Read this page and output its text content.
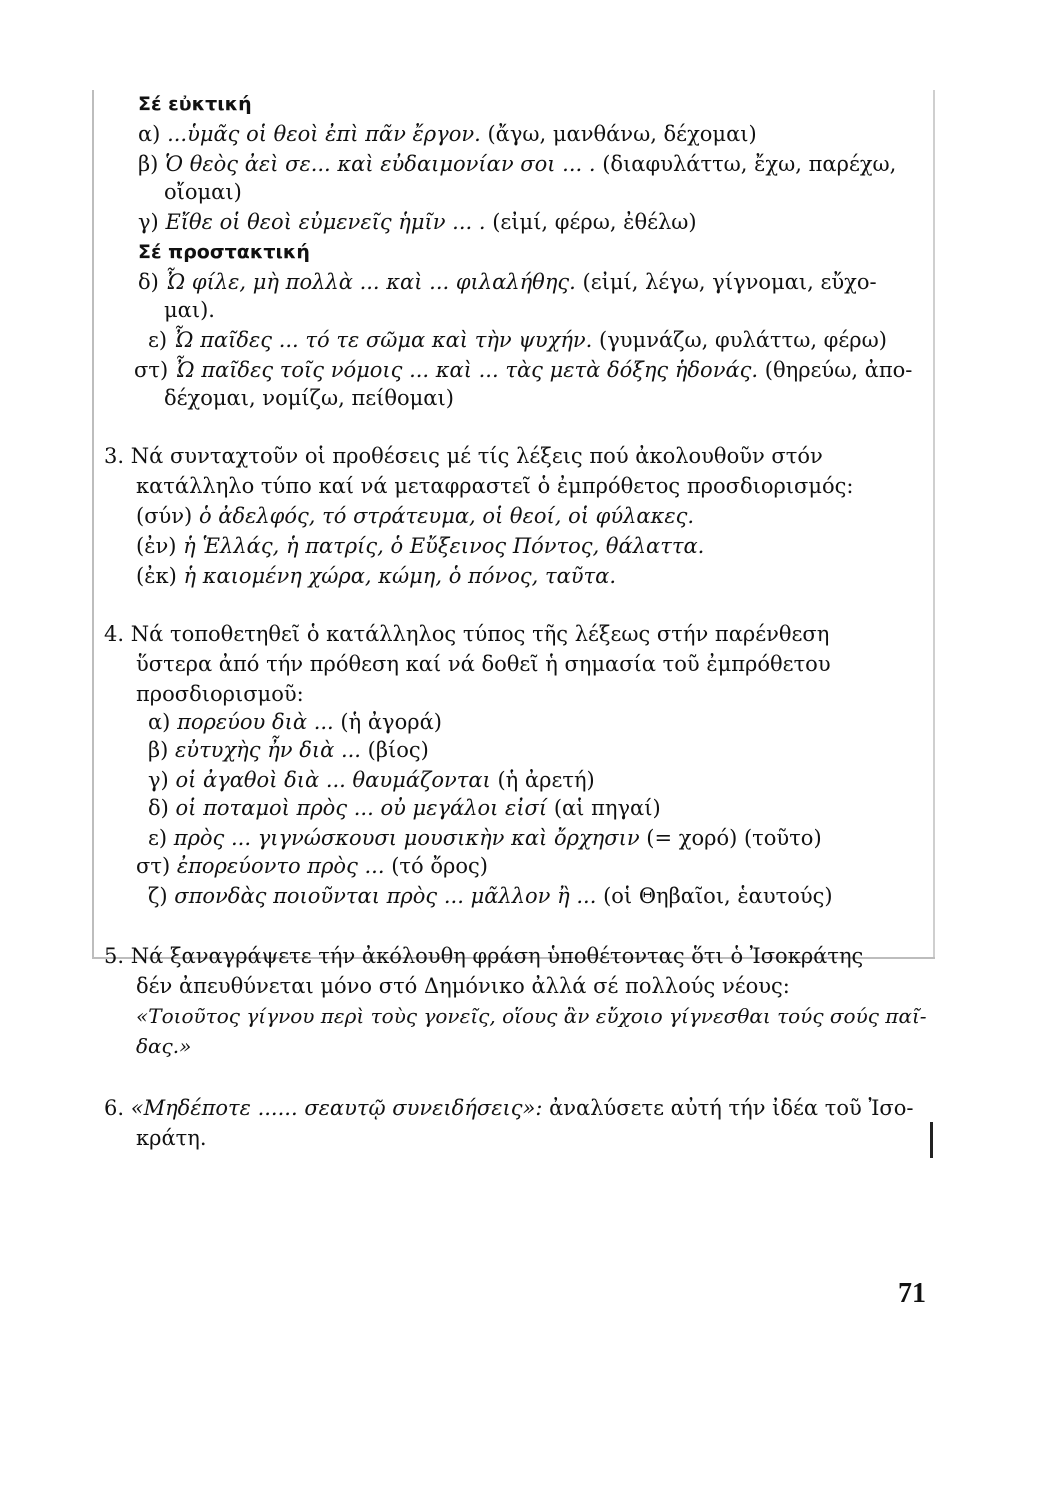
Σέ εὐκτική
α) ...ὑμᾶς οἱ θεοὶ ἐπὶ πᾶν ἔργον. (ἄγω, μανθάνω, δέχομαι)
β) Ὁ θεὸς ἀεὶ σε... καὶ εὐδαιμονίαν σοι ... . (διαφυλάττω, ἔχω, παρέχω,
οἴομαι)
γ) Εἴθε οἱ θεοὶ εὐμενεῖς ἡμῖν ... . (εἰμί, φέρω, ἐθέλω)
Σέ προστακτική
δ) Ὦ φίλε, μὴ πολλὰ ... καὶ ... φιλαλήθης. (εἰμί, λέγω, γίγνομαι, εὔχο-
μαι).
ε) Ὦ παῖδες ... τό τε σῶμα καὶ τὴν ψυχήν. (γυμνάζω, φυλάττω, φέρω)
στ) Ὦ παῖδες τοῖς νόμοις ... καὶ ... τὰς μετὰ δόξης ἡδονάς. (θηρεύω, ἀπο-
δέχομαι, νομίζω, πείθομαι)
3. Νά συνταχτοῦν οἱ προθέσεις μέ τίς λέξεις πού ἀκολουθοῦν στόν
κατάλληλο τύπο καί νά μεταφραστεῖ ὁ ἐμπρόθετος προσδιορισμός:
(σύν) ὁ ἀδελφός, τό στράτευμα, οἱ θεοί, οἱ φύλακες.
(ἐν) ἡ Ἑλλάς, ἡ πατρίς, ὁ Εὔξεινος Πόντος, θάλαττα.
(ἐκ) ἡ καιομένη χώρα, κώμη, ὁ πόνος, ταῦτα.
4. Νά τοποθετηθεῖ ὁ κατάλληλος τύπος τῆς λέξεως στήν παρένθεση
ὕστερα ἀπό τήν πρόθεση καί νά δοθεῖ ἡ σημασία τοῦ ἐμπρόθετου
προσδιορισμοῦ:
α) πορεύου διὰ ... (ἡ ἀγορά)
β) εὐτυχὴς ἦν διὰ ... (βίος)
γ) οἱ ἀγαθοὶ διὰ ... θαυμάζονται (ἡ ἀρετή)
δ) οἱ ποταμοὶ πρὸς ... οὐ μεγάλοι εἰσί (αἱ πηγαί)
ε) πρὸς ... γιγνώσκουσι μουσικὴν καὶ ὄρχησιν (= χορό) (τοῦτο)
στ) ἐπορεύοντο πρὸς ... (τό ὄρος)
ζ) σπονδὰς ποιοῦνται πρὸς ... μᾶλλον ἢ ... (οἱ Θηβαῖοι, ἑαυτούς)
5. Νά ξαναγράψετε τήν ἀκόλουθη φράση ὑποθέτοντας ὅτι ὁ Ἰσοκράτης
δέν ἀπευθύνεται μόνο στό Δημόνικο ἀλλά σέ πολλούς νέους:
«Τοιοῦτος γίγνου περὶ τοὺς γονεῖς, οἵους ἂν εὔχοιο γίγνεσθαι τούς σούς παῖ-
δας.»
6. «Μηδέποτε ...... σεαυτῷ συνειδήσεις»: ἀναλύσετε αὐτή τήν ἰδέα τοῦ Ἰσο-
κράτη.
71
